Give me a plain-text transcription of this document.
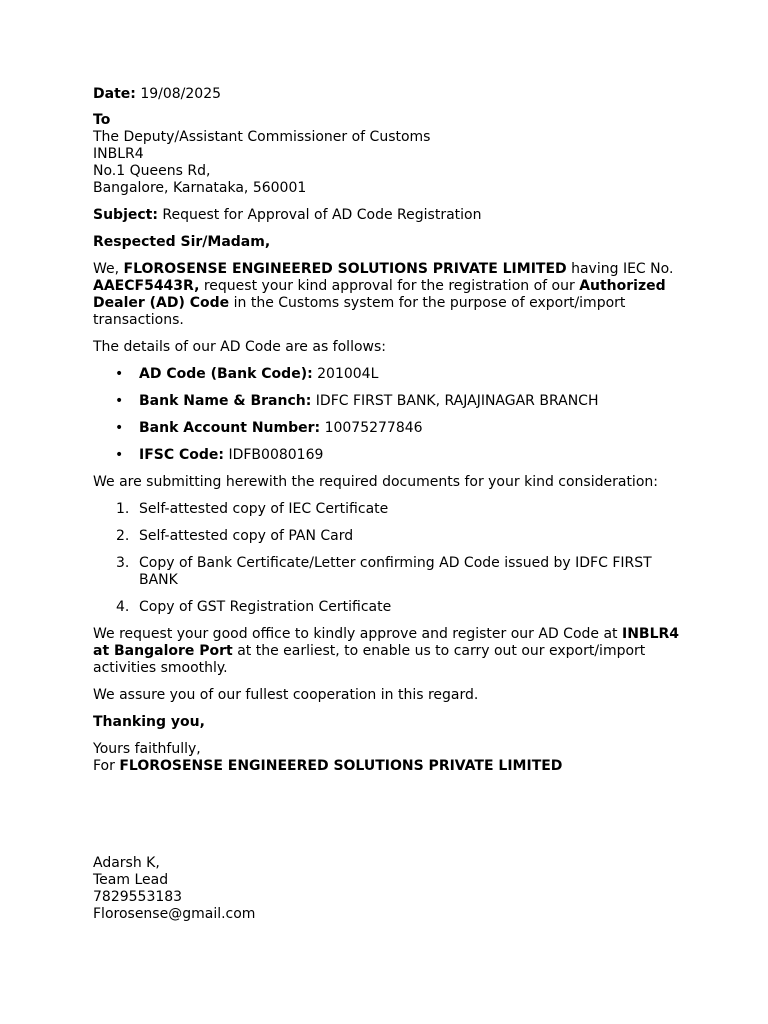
Date: 19/08/2025

To
The Deputy/Assistant Commissioner of Customs
INBLR4
No.1 Queens Rd,
Bangalore, Karnataka, 560001

Subject: Request for Approval of AD Code Registration

Respected Sir/Madam,

We, FLOROSENSE ENGINEERED SOLUTIONS PRIVATE LIMITED having IEC No. AAECF5443R, request your kind approval for the registration of our Authorized Dealer (AD) Code in the Customs system for the purpose of export/import transactions.

The details of our AD Code are as follows:

• AD Code (Bank Code): 201004L
• Bank Name & Branch: IDFC FIRST BANK, RAJAJINAGAR BRANCH
• Bank Account Number: 10075277846
• IFSC Code: IDFB0080169

We are submitting herewith the required documents for your kind consideration:

1. Self-attested copy of IEC Certificate
2. Self-attested copy of PAN Card
3. Copy of Bank Certificate/Letter confirming AD Code issued by IDFC FIRST BANK
4. Copy of GST Registration Certificate

We request your good office to kindly approve and register our AD Code at INBLR4 at Bangalore Port at the earliest, to enable us to carry out our export/import activities smoothly.

We assure you of our fullest cooperation in this regard.

Thanking you,

Yours faithfully,
For FLOROSENSE ENGINEERED SOLUTIONS PRIVATE LIMITED

Adarsh K,
Team Lead
7829553183
Florosense@gmail.com
